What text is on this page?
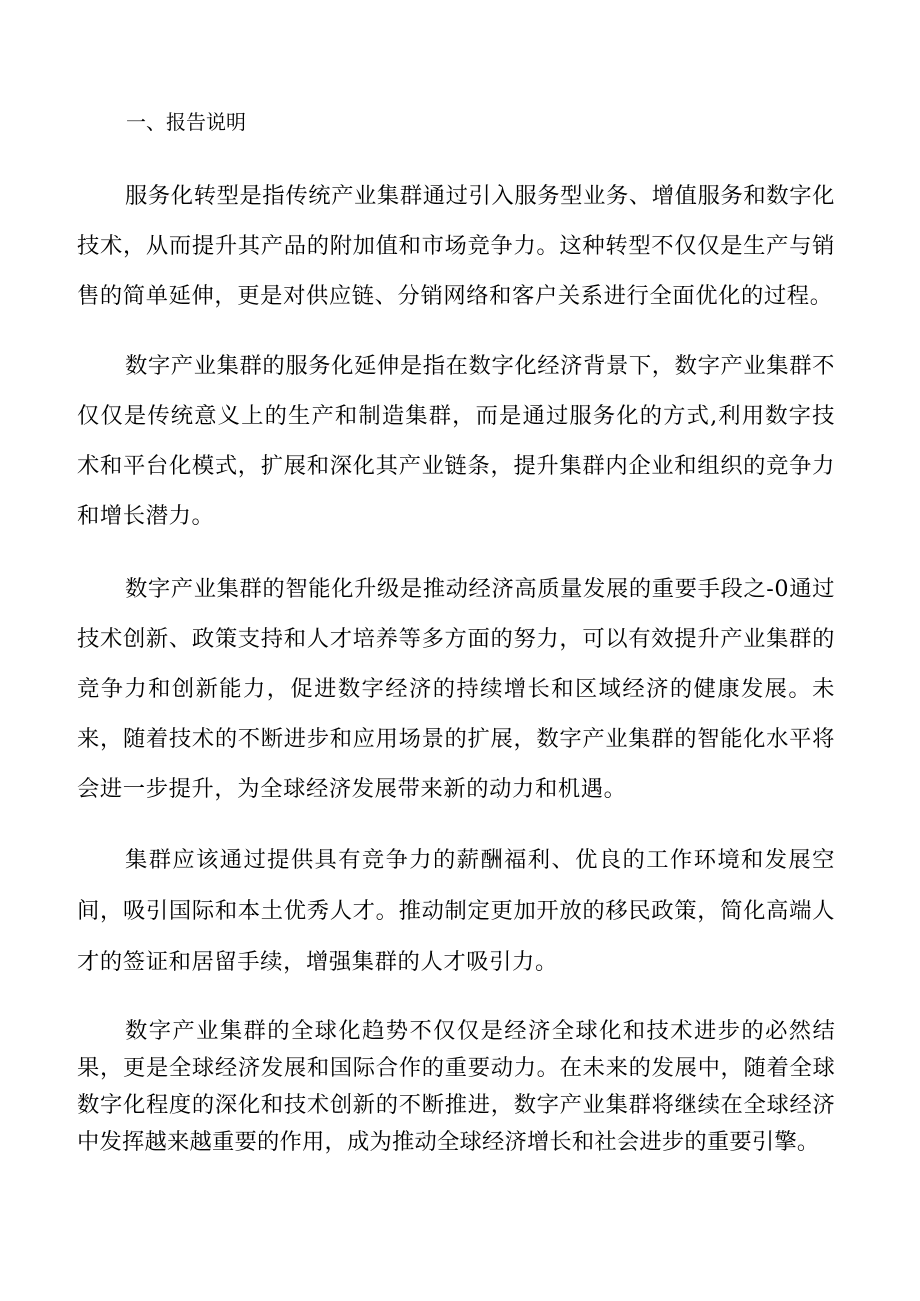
一、报告说明

服务化转型是指传统产业集群通过引入服务型业务、增值服务和数字化技术，从而提升其产品的附加值和市场竞争力。这种转型不仅仅是生产与销售的简单延伸，更是对供应链、分销网络和客户关系进行全面优化的过程。

数字产业集群的服务化延伸是指在数字化经济背景下，数字产业集群不仅仅是传统意义上的生产和制造集群，而是通过服务化的方式,利用数字技术和平台化模式，扩展和深化其产业链条，提升集群内企业和组织的竞争力和增长潜力。

数字产业集群的智能化升级是推动经济高质量发展的重要手段之-0通过技术创新、政策支持和人才培养等多方面的努力，可以有效提升产业集群的竞争力和创新能力，促进数字经济的持续增长和区域经济的健康发展。未来，随着技术的不断进步和应用场景的扩展，数字产业集群的智能化水平将会进一步提升，为全球经济发展带来新的动力和机遇。

集群应该通过提供具有竞争力的薪酬福利、优良的工作环境和发展空间，吸引国际和本土优秀人才。推动制定更加开放的移民政策，简化高端人才的签证和居留手续，增强集群的人才吸引力。

数字产业集群的全球化趋势不仅仅是经济全球化和技术进步的必然结果，更是全球经济发展和国际合作的重要动力。在未来的发展中，随着全球数字化程度的深化和技术创新的不断推进，数字产业集群将继续在全球经济中发挥越来越重要的作用，成为推动全球经济增长和社会进步的重要引擎。
